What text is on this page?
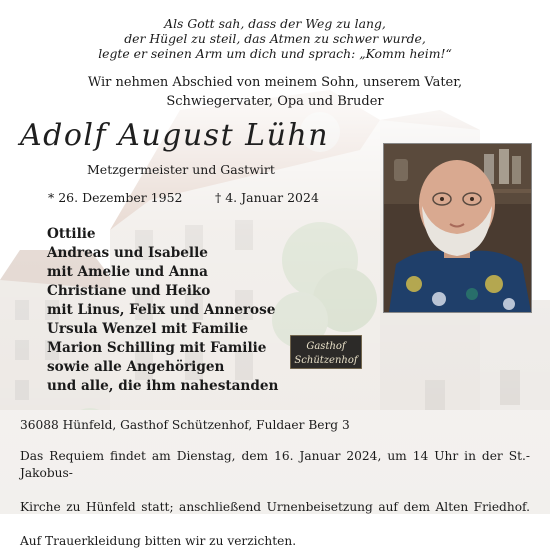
Als Gott sah, dass der Weg zu lang,
der Hügel zu steil, das Atmen zu schwer wurde,
legte er seinen Arm um dich und sprach: „Komm heim!“
Wir nehmen Abschied von meinem Sohn, unserem Vater,
Schwiegervater, Opa und Bruder
Adolf August Lühn
Metzgermeister und Gastwirt
* 26. Dezember 1952	† 4. Januar 2024
Ottilie
Andreas und Isabelle
mit Amelie und Anna
Christiane und Heiko
mit Linus, Felix und Annerose
Ursula Wenzel mit Familie
Marion Schilling mit Familie
sowie alle Angehörigen
und alle, die ihm nahestanden
Gasthof
Schützenhof
36088 Hünfeld, Gasthof Schützenhof, Fuldaer Berg 3
Das Requiem findet am Dienstag, dem 16. Januar 2024, um 14 Uhr in der St.-Jakobus-
Kirche zu Hünfeld statt; anschließend Urnenbeisetzung auf dem Alten Friedhof.
Auf Trauerkleidung bitten wir zu verzichten.
